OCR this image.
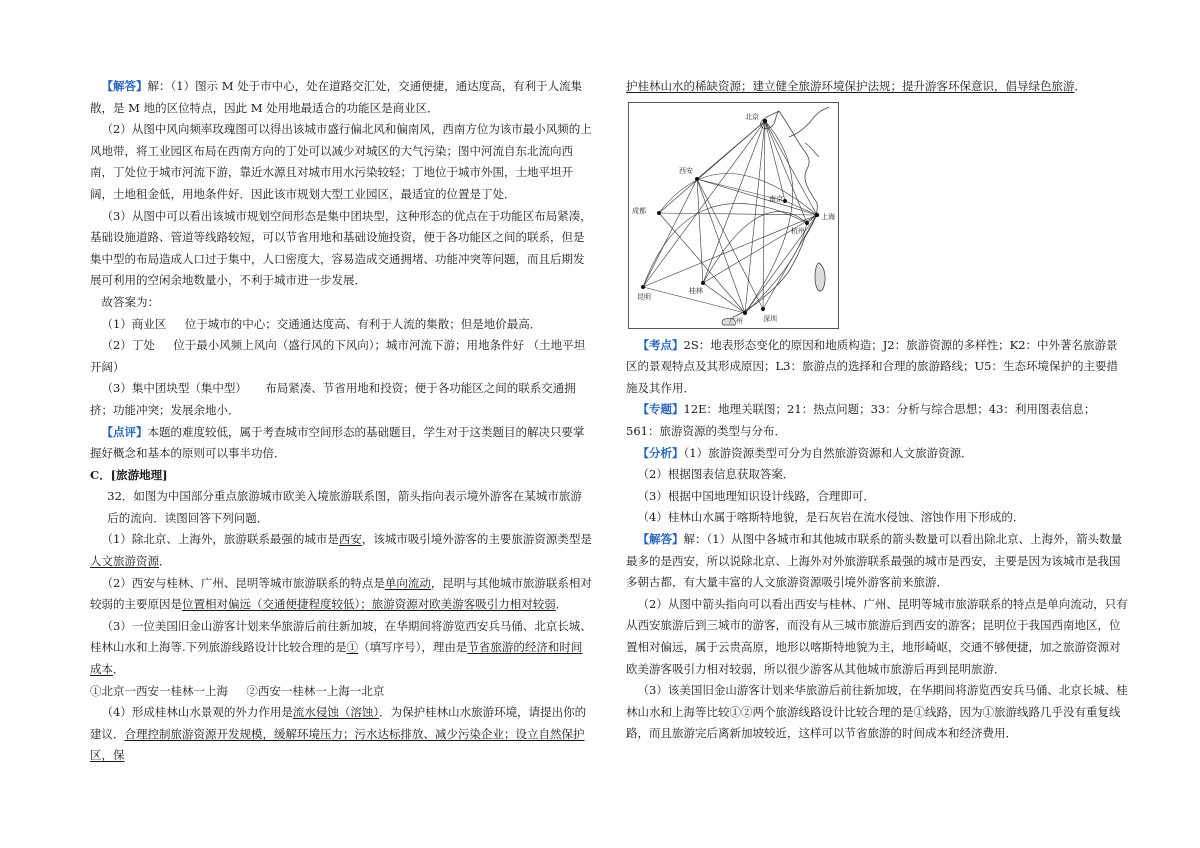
【解答】解：（1）图示 M 处于市中心，处在道路交汇处，交通便捷，通达度高，有利于人流集散，是 M 地的区位特点，因此 M 处用地最适合的功能区是商业区．

（2）从图中风向频率玫瑰图可以得出该城市盛行偏北风和偏南风，西南方位为该市最小风频的上风地带，将工业园区布局在西南方向的丁处可以减少对城区的大气污染；图中河流自东北流向西南，丁处位于城市河流下游，靠近水源且对城市用水污染较轻；丁地位于城市外围，土地平坦开阔，土地租金低，用地条件好．因此该市规划大型工业园区，最适宜的位置是丁处．

（3）从图中可以看出该城市规划空间形态是集中团块型，这种形态的优点在于功能区布局紧凑，基础设施道路、管道等线路较短，可以节省用地和基础设施投资，便于各功能区之间的联系，但是集中型的布局造成人口过于集中，人口密度大，容易造成交通拥堵、功能冲突等问题，而且后期发展可利用的空闲余地数量小，不利于城市进一步发展．

故答案为：

（1）商业区 位于城市的中心；交通通达度高、有利于人流的集散；但是地价最高．

（2）丁处 位于最小风频上风向（盛行风的下风向）；城市河流下游；用地条件好 （土地平坦开阔）

（3）集中团块型（集中型） 布局紧凑、节省用地和投资；便于各功能区之间的联系交通拥挤；功能冲突；发展余地小．

【点评】本题的难度较低，属于考查城市空间形态的基础题目，学生对于这类题目的解决只要掌握好概念和基本的原则可以事半功倍．

C．[旅游地理]

32．如图为中国部分重点旅游城市欧美入境旅游联系图，箭头指向表示境外游客在某城市旅游后的流向．读图回答下列问题．

（1）除北京、上海外，旅游联系最强的城市是西安，该城市吸引境外游客的主要旅游资源类型是人文旅游资源．

（2）西安与桂林、广州、昆明等城市旅游联系的特点是单向流动，昆明与其他城市旅游联系相对较弱的主要原因是位置相对偏远（交通便捷程度较低）；旅游资源对欧美游客吸引力相对较弱．

（3）一位美国旧金山游客计划来华旅游后前往新加坡，在华期间将游览西安兵马俑、北京长城、桂林山水和上海等.下列旅游线路设计比较合理的是①（填写序号），理由是节省旅游的经济和时间成本．

①北京一西安一桂林一上海 ②西安一桂林一上海一北京

（4）形成桂林山水景观的外力作用是流水侵蚀（溶蚀）．为保护桂林山水旅游环境，请提出你的建议．合理控制旅游资源开发规模，缓解环境压力；污水达标排放、减少污染企业；设立自然保护区，保

护桂林山水的稀缺资源；建立健全旅游环境保护法规；提升游客环保意识，倡导绿色旅游．

北京
西安
南京
上海
杭州
成都
昆明
桂林
广州	深圳

【考点】2S：地表形态变化的原因和地质构造；J2：旅游资源的多样性；K2：中外著名旅游景区的景观特点及其形成原因；L3：旅游点的选择和合理的旅游路线；U5：生态环境保护的主要措施及其作用．

【专题】12E：地理关联图；21：热点问题；33：分析与综合思想；43：利用图表信息；561：旅游资源的类型与分布．

【分析】（1）旅游资源类型可分为自然旅游资源和人文旅游资源．

（2）根据图表信息获取答案．

（3）根据中国地理知识设计线路，合理即可．

（4）桂林山水属于喀斯特地貌，是石灰岩在流水侵蚀、溶蚀作用下形成的．

【解答】解：（1）从图中各城市和其他城市联系的箭头数量可以看出除北京、上海外，箭头数量最多的是西安，所以说除北京、上海外对外旅游联系最强的城市是西安，主要是因为该城市是我国多朝古都，有大量丰富的人文旅游资源吸引境外游客前来旅游．

（2）从图中箭头指向可以看出西安与桂林、广州、昆明等城市旅游联系的特点是单向流动，只有从西安旅游后到三城市的游客，而没有从三城市旅游后到西安的游客；昆明位于我国西南地区，位置相对偏远，属于云贵高原，地形以喀斯特地貌为主，地形崎岖，交通不够便捷，加之旅游资源对欧美游客吸引力相对较弱，所以很少游客从其他城市旅游后再到昆明旅游．

（3）该美国旧金山游客计划来华旅游后前往新加坡，在华期间将游览西安兵马俑、北京长城、桂林山水和上海等比较①②两个旅游线路设计比较合理的是①线路，因为①旅游线路几乎没有重复线路，而且旅游完后离新加坡较近，这样可以节省旅游的时间成本和经济费用．
